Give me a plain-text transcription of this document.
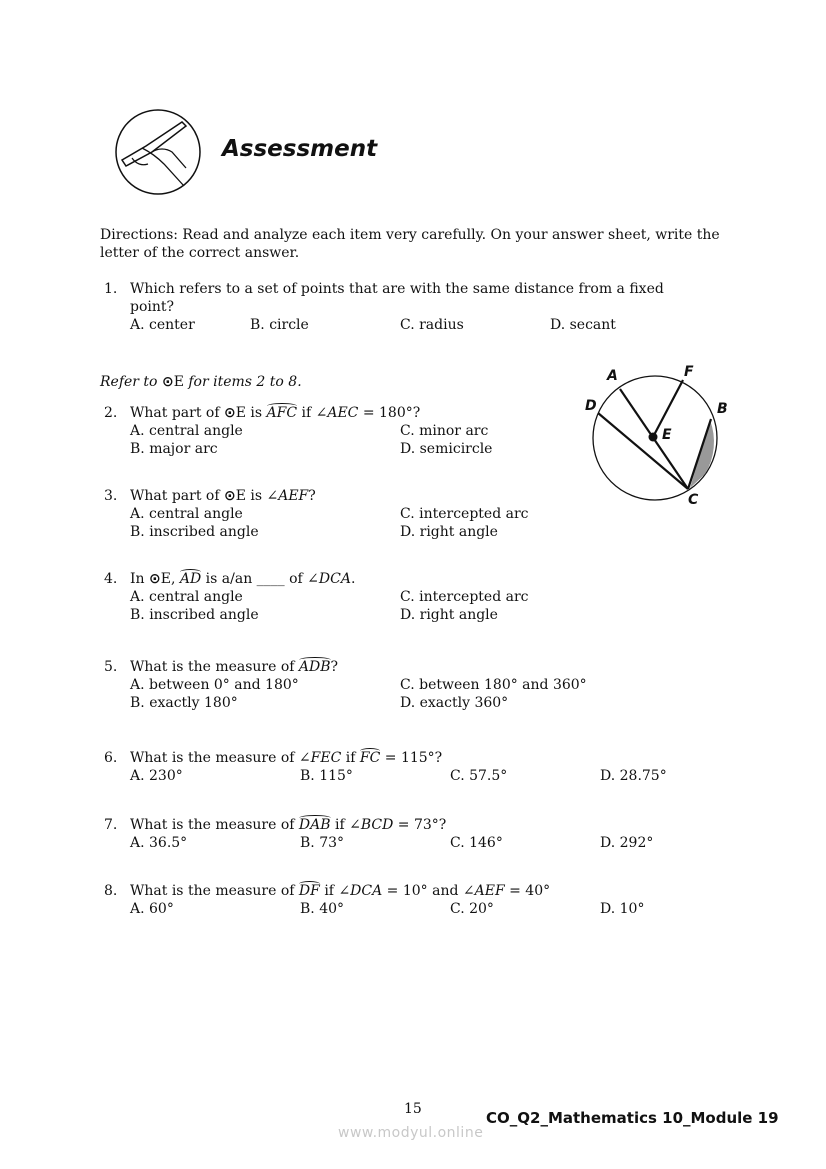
Assessment
Directions: Read and analyze each item very carefully. On your answer sheet, write the letter of the correct answer.
Refer to ⊙E for items 2 to 8.	A	F
D	B
E
C
1. Which refers to a set of points that are with the same distance from a fixed point?
A. center	B. circle	C. radius	D. secant
2. What part of ⊙E is AFC if ∠AEC = 180°?
A. central angle
B. major arc
C. minor arc
D. semicircle
3. What part of ⊙E is ∠AEF?
A. central angle
B. inscribed angle
C. intercepted arc
D. right angle
4. In ⊙E, AD is a/an ____ of ∠DCA.
A. central angle
B. inscribed angle
C. intercepted arc
D. right angle
5. What is the measure of ADB?
A. between 0° and 180°
B. exactly 180°
C. between 180° and 360°
D. exactly 360°
6. What is the measure of ∠FEC if FC = 115°?
A. 230°	B. 115°	C. 57.5°	D. 28.75°
7. What is the measure of DAB if ∠BCD = 73°?
A. 36.5°	B. 73°	C. 146°	D. 292°
8. What is the measure of DF if ∠DCA = 10° and ∠AEF = 40°
A. 60°	B. 40°	C. 20°	D. 10°
15	CO_Q2_Mathematics 10_Module 19
www.modyul.online
